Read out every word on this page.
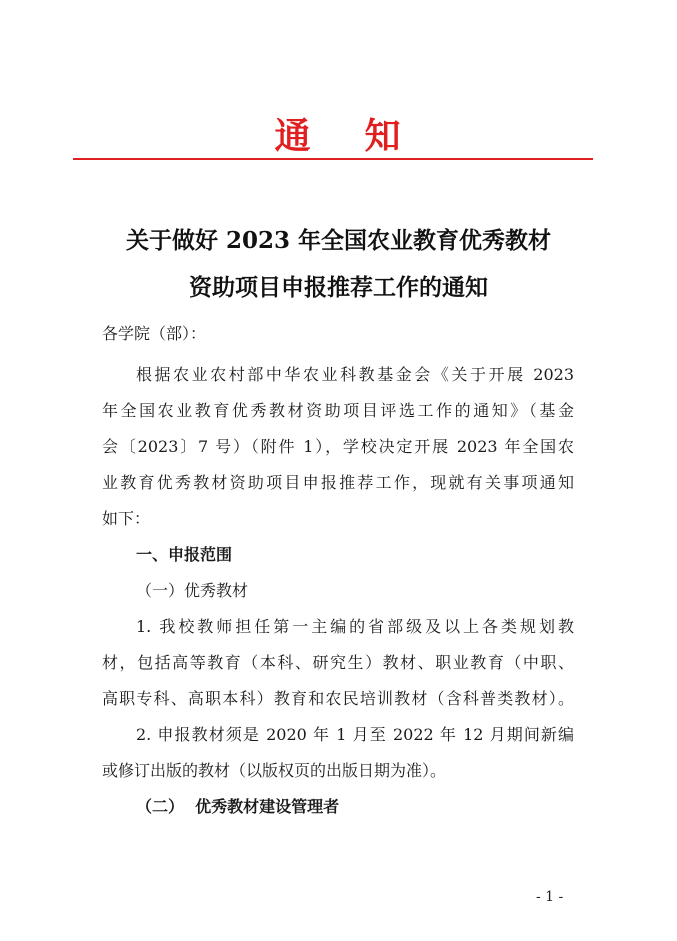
通 知
关于做好 2023 年全国农业教育优秀教材
资助项目申报推荐工作的通知
各学院（部）：
根据农业农村部中华农业科教基金会《关于开展 2023
年全国农业教育优秀教材资助项目评选工作的通知》（基金
会〔2023〕7 号）（附件 1），学校决定开展 2023 年全国农
业教育优秀教材资助项目申报推荐工作，现就有关事项通知
如下：
一、申报范围
（一）优秀教材
1. 我校教师担任第一主编的省部级及以上各类规划教
材，包括高等教育（本科、研究生）教材、职业教育（中职、
高职专科、高职本科）教育和农民培训教材（含科普类教材）。
2. 申报教材须是 2020 年 1 月至 2022 年 12 月期间新编
或修订出版的教材（以版权页的出版日期为准）。
（二）  优秀教材建设管理者
- 1 -
